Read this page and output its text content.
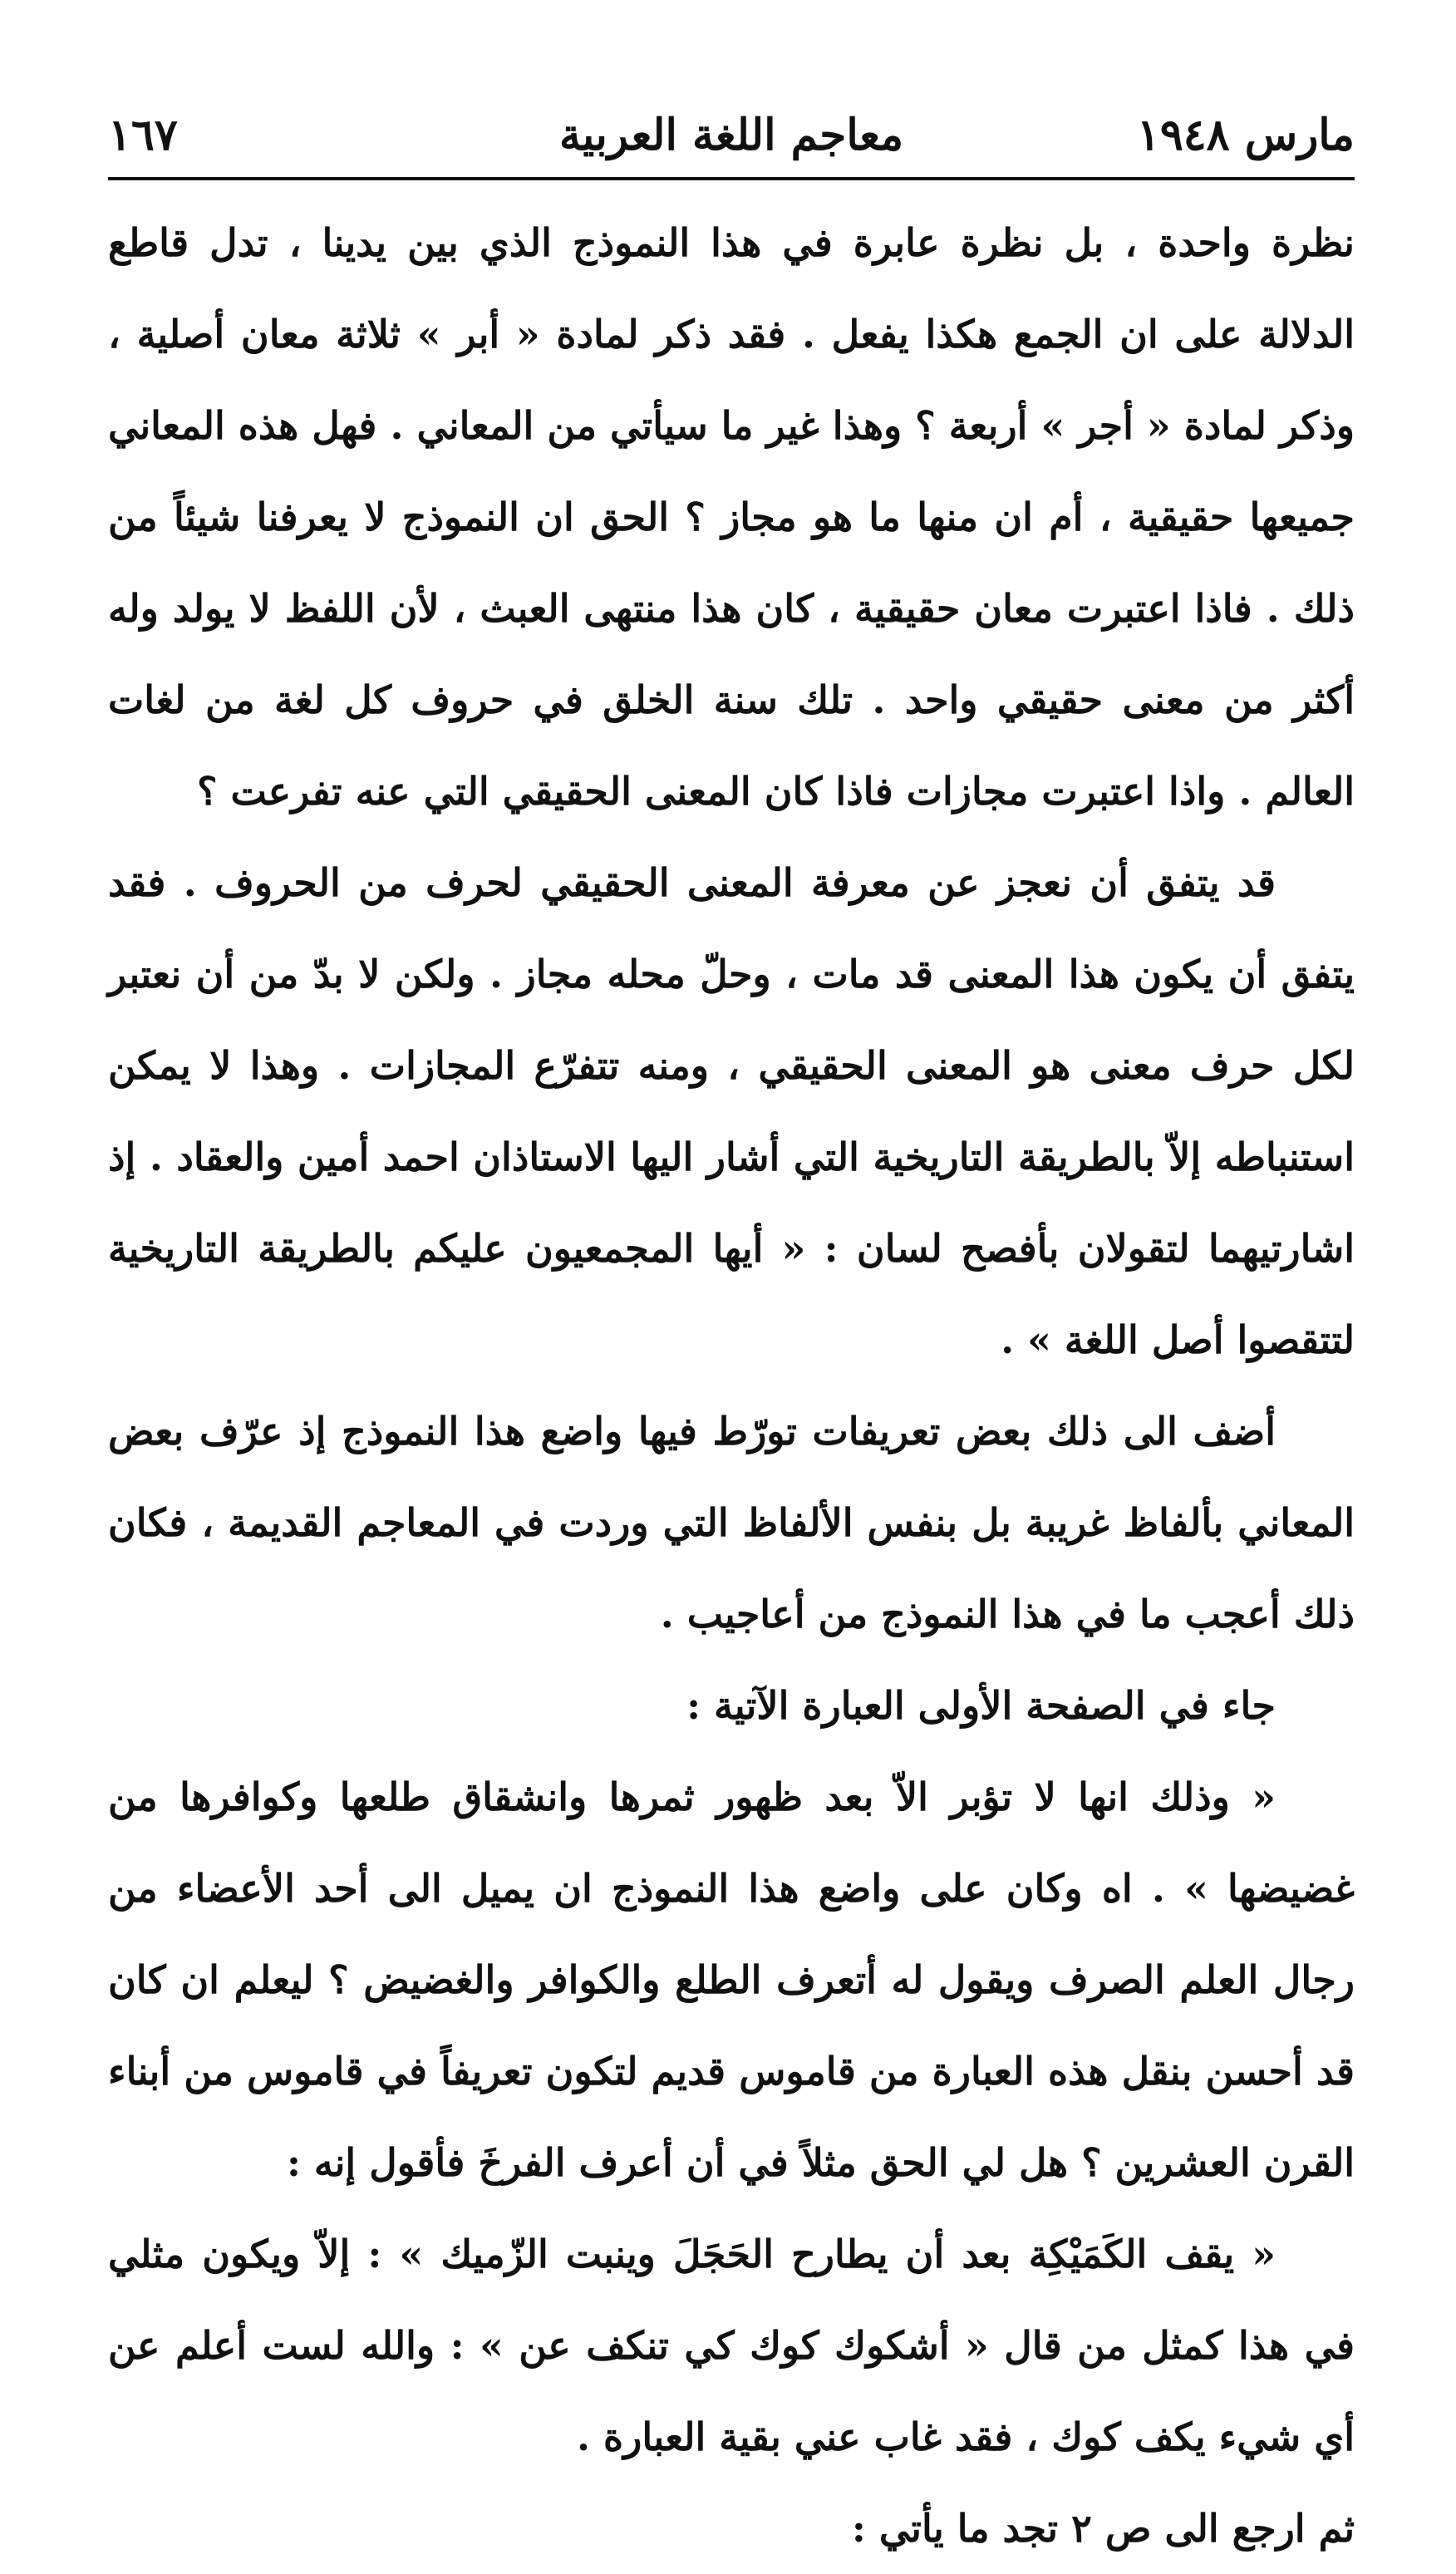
مارس ١٩٤٨
معاجم اللغة العربية
١٦٧

نظرة واحدة ، بل نظرة عابرة في هذا النموذج الذي بين يدينا ، تدل قاطع الدلالة على ان الجمع هكذا يفعل . فقد ذكر لمادة « أبر » ثلاثة معان أصلية ، وذكر لمادة « أجر » أربعة ؟ وهذا غير ما سيأتي من المعاني . فهل هذه المعاني جميعها حقيقية ، أم ان منها ما هو مجاز ؟ الحق ان النموذج لا يعرفنا شيئاً من ذلك . فاذا اعتبرت معان حقيقية ، كان هذا منتهى العبث ، لأن اللفظ لا يولد وله أكثر من معنى حقيقي واحد . تلك سنة الخلق في حروف كل لغة من لغات العالم . واذا اعتبرت مجازات فاذا كان المعنى الحقيقي التي عنه تفرعت ؟

قد يتفق أن نعجز عن معرفة المعنى الحقيقي لحرف من الحروف . فقد يتفق أن يكون هذا المعنى قد مات ، وحلّ محله مجاز . ولكن لا بدّ من أن نعتبر لكل حرف معنى هو المعنى الحقيقي ، ومنه تتفرّع المجازات . وهذا لا يمكن استنباطه إلاّ بالطريقة التاريخية التي أشار اليها الاستاذان احمد أمين والعقاد . إذ اشارتيهما لتقولان بأفصح لسان : « أيها المجمعيون عليكم بالطريقة التاريخية لتتقصوا أصل اللغة » .

أضف الى ذلك بعض تعريفات تورّط فيها واضع هذا النموذج إذ عرّف بعض المعاني بألفاظ غريبة بل بنفس الألفاظ التي وردت في المعاجم القديمة ، فكان ذلك أعجب ما في هذا النموذج من أعاجيب .

جاء في الصفحة الأولى العبارة الآتية :

« وذلك انها لا تؤبر الاّ بعد ظهور ثمرها وانشقاق طلعها وكوافرها من غضيضها » . اه وكان على واضع هذا النموذج ان يميل الى أحد الأعضاء من رجال العلم الصرف ويقول له أتعرف الطلع والكوافر والغضيض ؟ ليعلم ان كان قد أحسن بنقل هذه العبارة من قاموس قديم لتكون تعريفاً في قاموس من أبناء القرن العشرين ؟ هل لي الحق مثلاً في أن أعرف الفرخَ فأقول إنه :

« يقف الكَمَيْكِة بعد أن يطارح الحَجَلَ وينبت الزّميك » : إلاّ ويكون مثلي في هذا كمثل من قال « أشكوك كوك كي تنكف عن » : والله لست أعلم عن أي شيء يكف كوك ، فقد غاب عني بقية العبارة .

ثم ارجع الى ص ٢ تجد ما يأتي :
